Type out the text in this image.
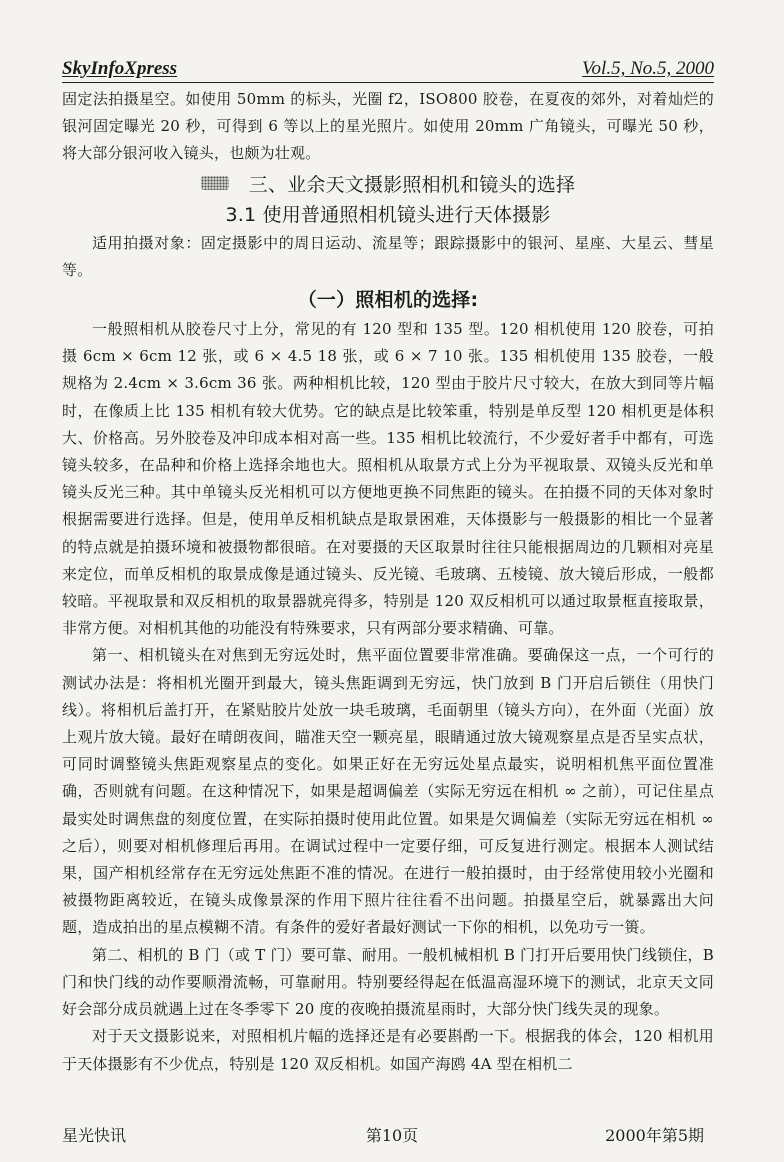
SkyInfoXpress	Vol.5, No.5, 2000

固定法拍摄星空。如使用 50mm 的标头，光圈 f2，ISO800 胶卷，在夏夜的郊外，对着灿烂的银河固定曝光 20 秒，可得到 6 等以上的星光照片。如使用 20mm 广角镜头，可曝光 50 秒，将大部分银河收入镜头，也颇为壮观。

三、业余天文摄影照相机和镜头的选择
3.1 使用普通照相机镜头进行天体摄影

适用拍摄对象：固定摄影中的周日运动、流星等；跟踪摄影中的银河、星座、大星云、彗星等。

（一）照相机的选择:

一般照相机从胶卷尺寸上分，常见的有 120 型和 135 型。120 相机使用 120 胶卷，可拍摄 6cm × 6cm 12 张，或 6 × 4.5 18 张，或 6 × 7 10 张。135 相机使用 135 胶卷，一般规格为 2.4cm × 3.6cm 36 张。两种相机比较，120 型由于胶片尺寸较大，在放大到同等片幅时，在像质上比 135 相机有较大优势。它的缺点是比较笨重，特别是单反型 120 相机更是体积大、价格高。另外胶卷及冲印成本相对高一些。135 相机比较流行，不少爱好者手中都有，可选镜头较多，在品种和价格上选择余地也大。照相机从取景方式上分为平视取景、双镜头反光和单镜头反光三种。其中单镜头反光相机可以方便地更换不同焦距的镜头。在拍摄不同的天体对象时根据需要进行选择。但是，使用单反相机缺点是取景困难，天体摄影与一般摄影的相比一个显著的特点就是拍摄环境和被摄物都很暗。在对要摄的天区取景时往往只能根据周边的几颗相对亮星来定位，而单反相机的取景成像是通过镜头、反光镜、毛玻璃、五棱镜、放大镜后形成，一般都较暗。平视取景和双反相机的取景器就亮得多，特别是 120 双反相机可以通过取景框直接取景，非常方便。对相机其他的功能没有特殊要求，只有两部分要求精确、可靠。

第一、相机镜头在对焦到无穷远处时，焦平面位置要非常准确。要确保这一点，一个可行的测试办法是：将相机光圈开到最大，镜头焦距调到无穷远，快门放到 B 门开启后锁住（用快门线）。将相机后盖打开，在紧贴胶片处放一块毛玻璃，毛面朝里（镜头方向），在外面（光面）放上观片放大镜。最好在晴朗夜间，瞄准天空一颗亮星，眼睛通过放大镜观察星点是否呈实点状，可同时调整镜头焦距观察星点的变化。如果正好在无穷远处星点最实，说明相机焦平面位置准确，否则就有问题。在这种情况下，如果是超调偏差（实际无穷远在相机 ∞ 之前），可记住星点最实处时调焦盘的刻度位置，在实际拍摄时使用此位置。如果是欠调偏差（实际无穷远在相机 ∞ 之后），则要对相机修理后再用。在调试过程中一定要仔细，可反复进行测定。根据本人测试结果，国产相机经常存在无穷远处焦距不准的情况。在进行一般拍摄时，由于经常使用较小光圈和被摄物距离较近，在镜头成像景深的作用下照片往往看不出问题。拍摄星空后，就暴露出大问题，造成拍出的星点模糊不清。有条件的爱好者最好测试一下你的相机，以免功亏一篑。

第二、相机的 B 门（或 T 门）要可靠、耐用。一般机械相机 B 门打开后要用快门线锁住，B 门和快门线的动作要顺滑流畅，可靠耐用。特别要经得起在低温高湿环境下的测试，北京天文同好会部分成员就遇上过在冬季零下 20 度的夜晚拍摄流星雨时，大部分快门线失灵的现象。

对于天文摄影说来，对照相机片幅的选择还是有必要斟酌一下。根据我的体会，120 相机用于天体摄影有不少优点，特别是 120 双反相机。如国产海鸥 4A 型在相机二

星光快讯	第10页	2000年第5期
